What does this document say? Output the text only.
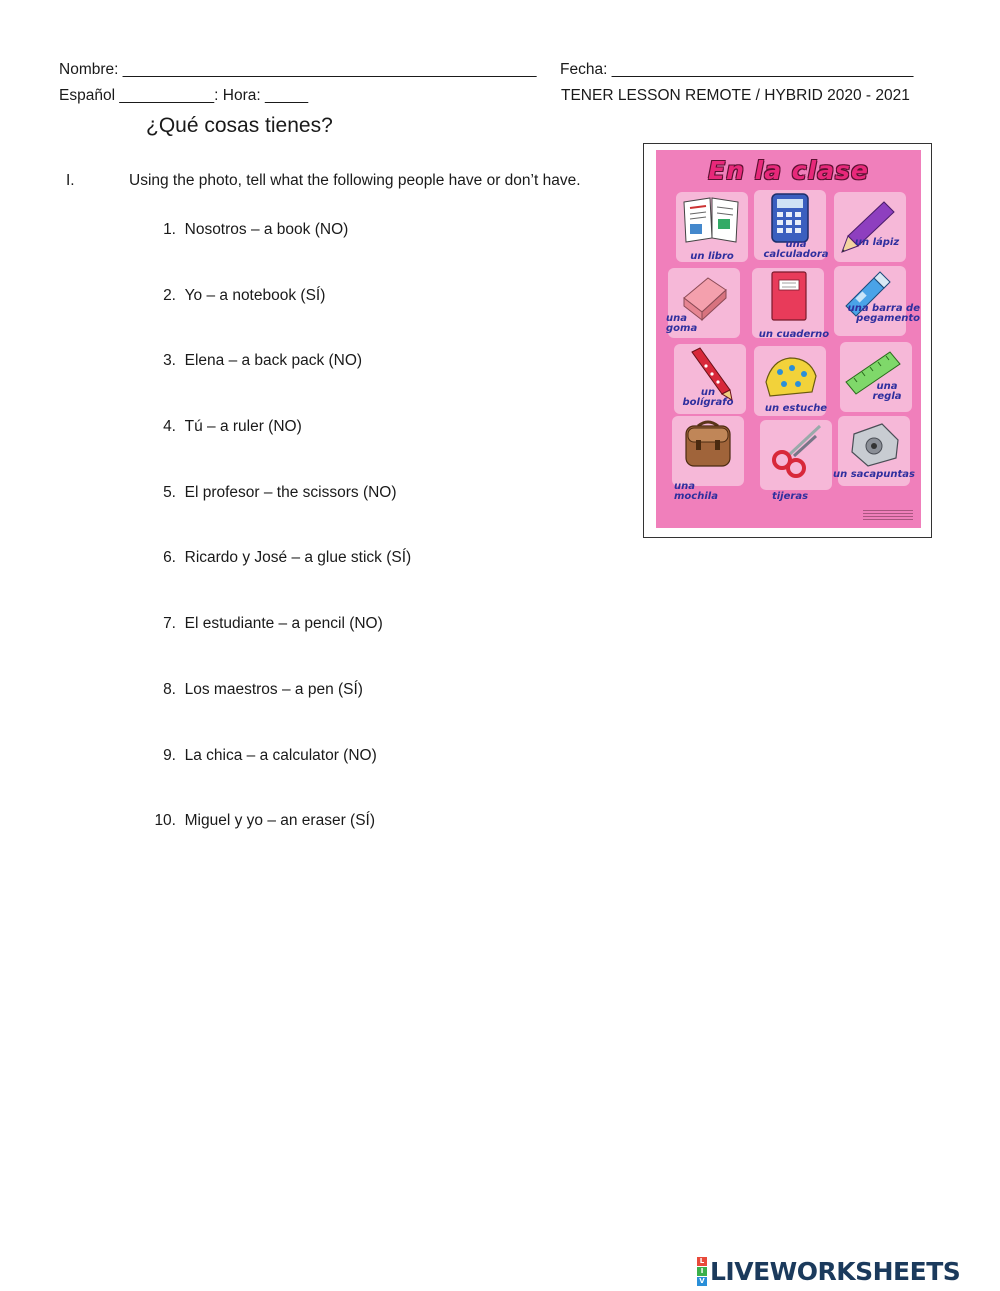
Nombre: ________________________________________________ Fecha: ___________________________________
Español ___________: Hora: _____	TENER LESSON REMOTE / HYBRID 2020 - 2021
¿Qué cosas tienes?
I.	Using the photo, tell what the following people have or don’t have.
1. Nosotros – a book (NO)
2. Yo – a notebook (SÍ)
3. Elena – a back pack (NO)
4. Tú – a ruler (NO)
5. El profesor – the scissors (NO)
6. Ricardo y José – a glue stick (SÍ)
7. El estudiante – a pencil (NO)
8. Los maestros – a pen (SÍ)
9. La chica – a calculator (NO)
10. Miguel y yo – an eraser (SÍ)
En la clase
un libro
una calculadora
un lápiz
una goma
un cuaderno
una barra de pegamento
un bolígrafo
un estuche
una regla
una mochila	tijeras
un sacapuntas
L
I
V LIVEWORKSHEETS
